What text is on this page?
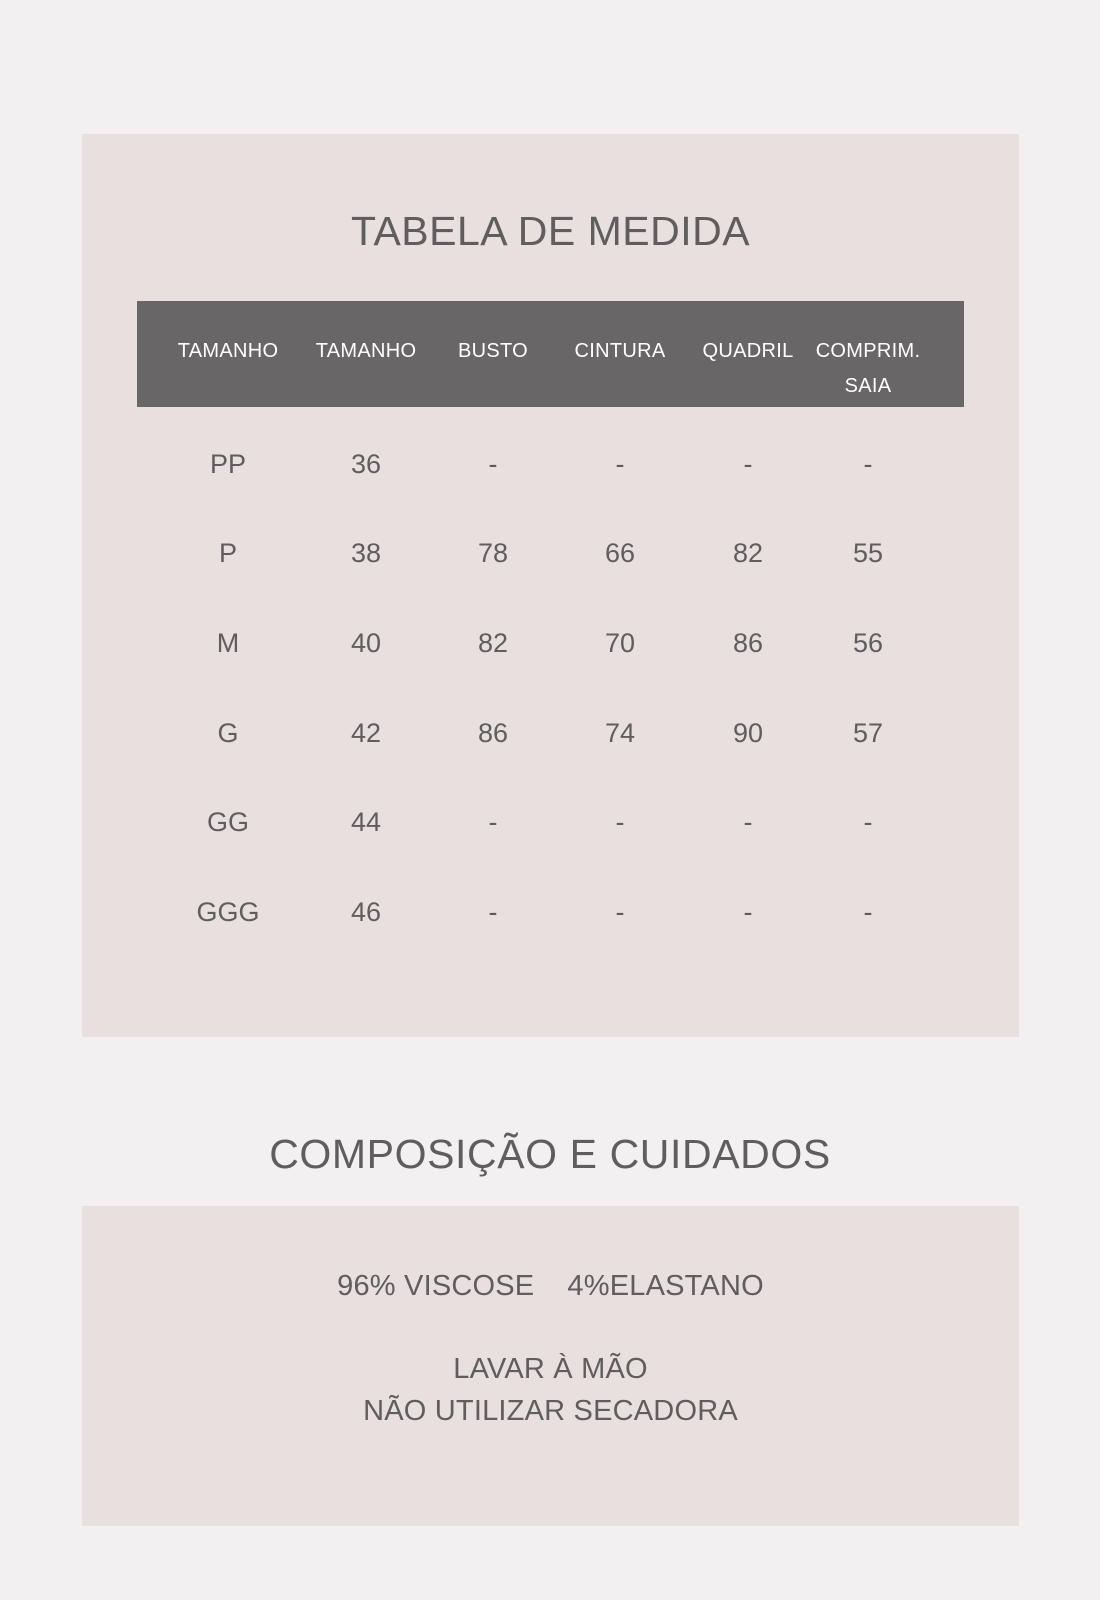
TABELA DE MEDIDA
TAMANHO	TAMANHO	BUSTO	CINTURA	QUADRIL	COMPRIM.
SAIA
PP	36	-	-	-	-
P	38	78	66	82	55
M	40	82	70	86	56
G	42	86	74	90	57
GG	44	-	-	-	-
GGG	46	-	-	-	-
COMPOSIÇÃO E CUIDADOS
96% VISCOSE    4%ELASTANO
LAVAR À MÃO
NÃO UTILIZAR SECADORA
